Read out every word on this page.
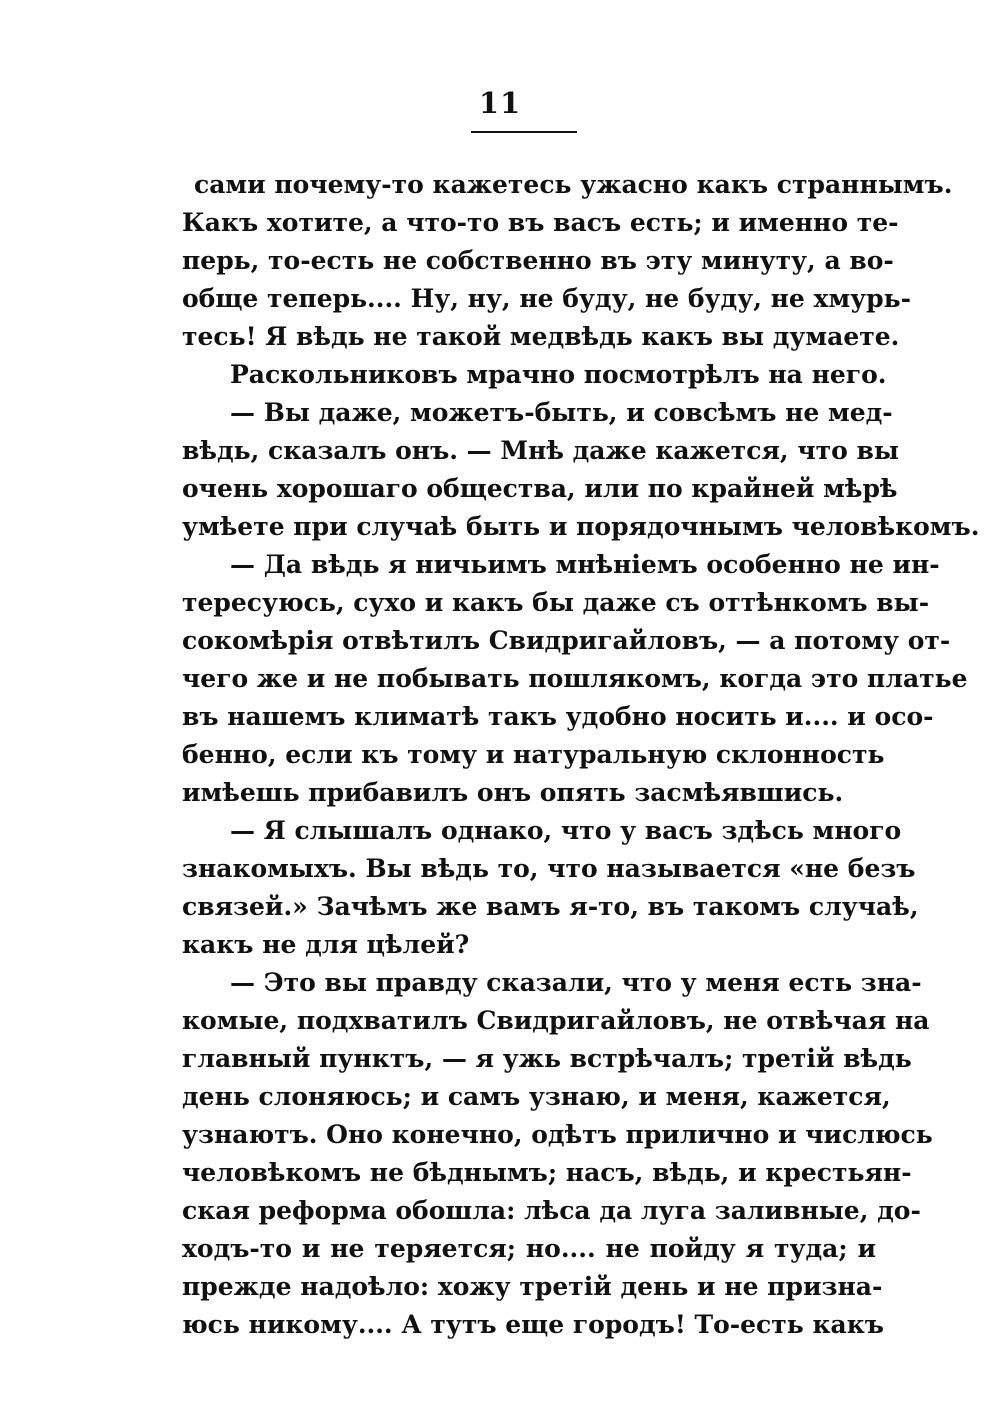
11
сами почему-то кажетесь ужасно какъ страннымъ.
Какъ хотите, а что-то въ васъ есть; и именно те-
перь, то-есть не собственно въ эту минуту, а во-
обще теперь.... Ну, ну, не буду, не буду, не хмурь-
тесь! Я вѣдь не такой медвѣдь какъ вы думаете.
Раскольниковъ мрачно посмотрѣлъ на него.
— Вы даже, можетъ-быть, и совсѣмъ не мед-
вѣдь, сказалъ онъ. — Мнѣ даже кажется, что вы
очень хорошаго общества, или по крайней мѣрѣ
умѣете при случаѣ быть и порядочнымъ человѣкомъ.
— Да вѣдь я ничьимъ мнѣніемъ особенно не ин-
тересуюсь, сухо и какъ бы даже съ оттѣнкомъ вы-
сокомѣрія отвѣтилъ Свидригайловъ, — а потому от-
чего же и не побывать пошлякомъ, когда это платье
въ нашемъ климатѣ такъ удобно носить и.... и осо-
бенно, если къ тому и натуральную склонность
имѣешь прибавилъ онъ опять засмѣявшись.
— Я слышалъ однако, что у васъ здѣсь много
знакомыхъ. Вы вѣдь то, что называется «не безъ
связей.» Зачѣмъ же вамъ я-то, въ такомъ случаѣ,
какъ не для цѣлей?
— Это вы правду сказали, что у меня есть зна-
комые, подхватилъ Свидригайловъ, не отвѣчая на
главный пунктъ, — я ужь встрѣчалъ; третій вѣдь
день слоняюсь; и самъ узнаю, и меня, кажется,
узнаютъ. Оно конечно, одѣтъ прилично и числюсь
человѣкомъ не бѣднымъ; насъ, вѣдь, и крестьян-
ская реформа обошла: лѣса да луга заливные, до-
ходъ-то и не теряется; но.... не пойду я туда; и
прежде надоѣло: хожу третій день и не призна-
юсь никому.... А тутъ еще городъ! То-есть какъ
